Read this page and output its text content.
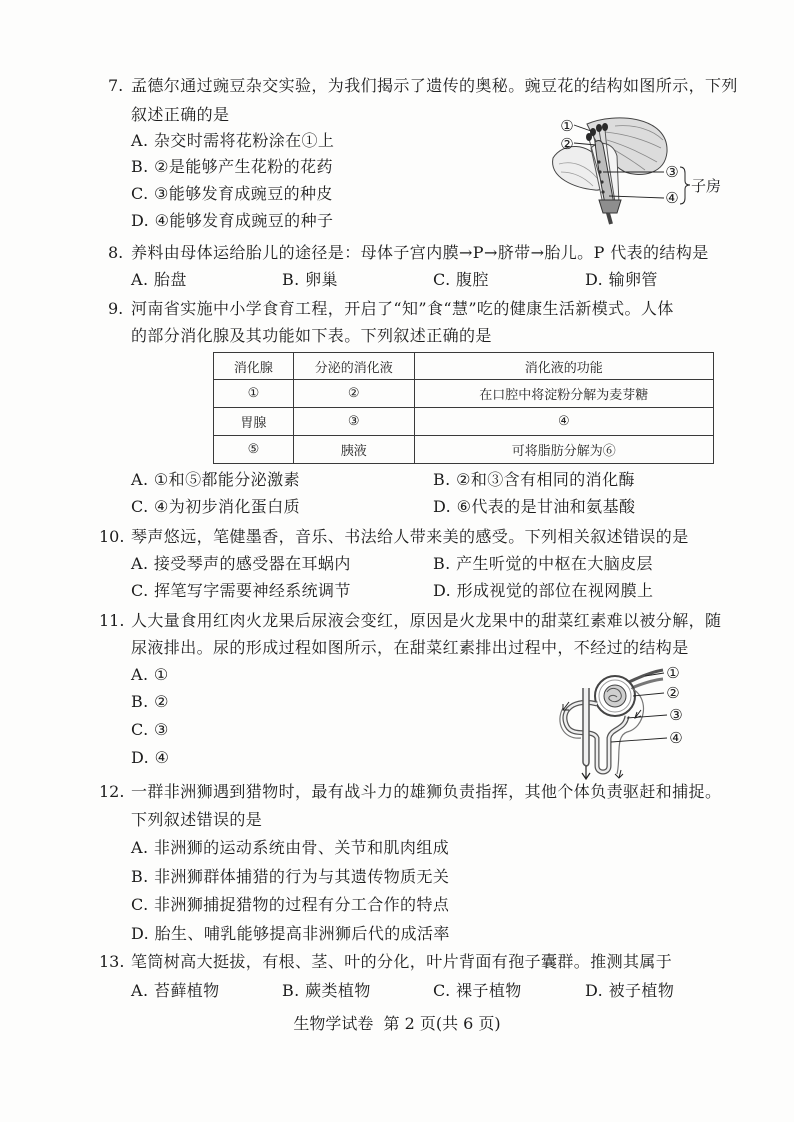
7. 孟德尔通过豌豆杂交实验，为我们揭示了遗传的奥秘。豌豆花的结构如图所示，下列
叙述正确的是
A. 杂交时需将花粉涂在①上
B. ②是能够产生花粉的花药
C. ③能够发育成豌豆的种皮
D. ④能够发育成豌豆的种子
①
②
③
④
子房
8. 养料由母体运给胎儿的途径是：母体子宫内膜→P→脐带→胎儿。P 代表的结构是
A. 胎盘	B. 卵巢	C. 腹腔	D. 输卵管
9. 河南省实施中小学食育工程，开启了“知”食“慧”吃的健康生活新模式。人体
的部分消化腺及其功能如下表。下列叙述正确的是
消化腺	分泌的消化液	消化液的功能
①	②	在口腔中将淀粉分解为麦芽糖
胃腺	③	④
⑤	胰液	可将脂肪分解为⑥
A. ①和⑤都能分泌激素	B. ②和③含有相同的消化酶
C. ④为初步消化蛋白质	D. ⑥代表的是甘油和氨基酸
10. 琴声悠远，笔健墨香，音乐、书法给人带来美的感受。下列相关叙述错误的是
A. 接受琴声的感受器在耳蜗内	B. 产生听觉的中枢在大脑皮层
C. 挥笔写字需要神经系统调节	D. 形成视觉的部位在视网膜上
11. 人大量食用红肉火龙果后尿液会变红，原因是火龙果中的甜菜红素难以被分解，随
尿液排出。尿的形成过程如图所示，在甜菜红素排出过程中，不经过的结构是
A. ①
B. ②
C. ③
D. ④
①
②
③
④
12. 一群非洲狮遇到猎物时，最有战斗力的雄狮负责指挥，其他个体负责驱赶和捕捉。
下列叙述错误的是
A. 非洲狮的运动系统由骨、关节和肌肉组成
B. 非洲狮群体捕猎的行为与其遗传物质无关
C. 非洲狮捕捉猎物的过程有分工合作的特点
D. 胎生、哺乳能够提高非洲狮后代的成活率
13. 笔筒树高大挺拔，有根、茎、叶的分化，叶片背面有孢子囊群。推测其属于
A. 苔藓植物	B. 蕨类植物	C. 裸子植物	D. 被子植物
生物学试卷  第 2 页(共 6 页)
